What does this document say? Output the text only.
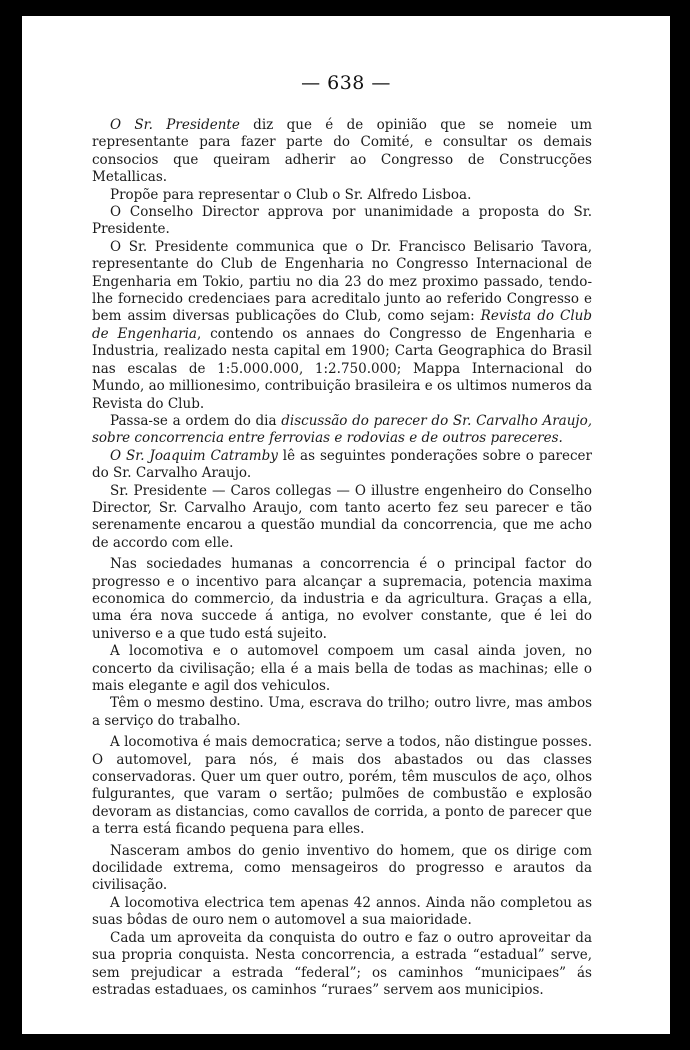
— 638 —

O Sr. Presidente diz que é de opinião que se nomeie um representante para fazer parte do Comité, e consultar os demais consocios que queiram adherir ao Congresso de Construcções Metallicas.

Propõe para representar o Club o Sr. Alfredo Lisboa.

O Conselho Director approva por unanimidade a proposta do Sr. Presidente.

O Sr. Presidente communica que o Dr. Francisco Belisario Tavora, representante do Club de Engenharia no Congresso Internacional de Engenharia em Tokio, partiu no dia 23 do mez proximo passado, tendo-lhe fornecido credenciaes para acreditalo junto ao referido Congresso e bem assim diversas publicações do Club, como sejam: Revista do Club de Engenharia, contendo os annaes do Congresso de Engenharia e Industria, realizado nesta capital em 1900; Carta Geographica do Brasil nas escalas de 1:5.000.000, 1:2.750.000; Mappa Internacional do Mundo, ao millionesimo, contribuição brasileira e os ultimos numeros da Revista do Club.

Passa-se a ordem do dia discussão do parecer do Sr. Carvalho Araujo, sobre concorrencia entre ferrovias e rodovias e de outros pareceres.

O Sr. Joaquim Catramby lê as seguintes ponderações sobre o parecer do Sr. Carvalho Araujo.

Sr. Presidente — Caros collegas — O illustre engenheiro do Conselho Director, Sr. Carvalho Araujo, com tanto acerto fez seu parecer e tão serenamente encarou a questão mundial da concorrencia, que me acho de accordo com elle.

Nas sociedades humanas a concorrencia é o principal factor do progresso e o incentivo para alcançar a supremacia, potencia maxima economica do commercio, da industria e da agricultura. Graças a ella, uma éra nova succede á antiga, no evolver constante, que é lei do universo e a que tudo está sujeito.

A locomotiva e o automovel compoem um casal ainda joven, no concerto da civilisação; ella é a mais bella de todas as machinas; elle o mais elegante e agil dos vehiculos.

Têm o mesmo destino. Uma, escrava do trilho; outro livre, mas ambos a serviço do trabalho.

A locomotiva é mais democratica; serve a todos, não distingue posses. O automovel, para nós, é mais dos abastados ou das classes conservadoras. Quer um quer outro, porém, têm musculos de aço, olhos fulgurantes, que varam o sertão; pulmões de combustão e explosão devoram as distancias, como cavallos de corrida, a ponto de parecer que a terra está ficando pequena para elles.

Nasceram ambos do genio inventivo do homem, que os dirige com docilidade extrema, como mensageiros do progresso e arautos da civilisação.

A locomotiva electrica tem apenas 42 annos. Ainda não completou as suas bôdas de ouro nem o automovel a sua maioridade.

Cada um aproveita da conquista do outro e faz o outro aproveitar da sua propria conquista. Nesta concorrencia, a estrada “estadual” serve, sem prejudicar a estrada “federal”; os caminhos “municipaes” ás estradas estaduaes, os caminhos “ruraes” servem aos municipios.
